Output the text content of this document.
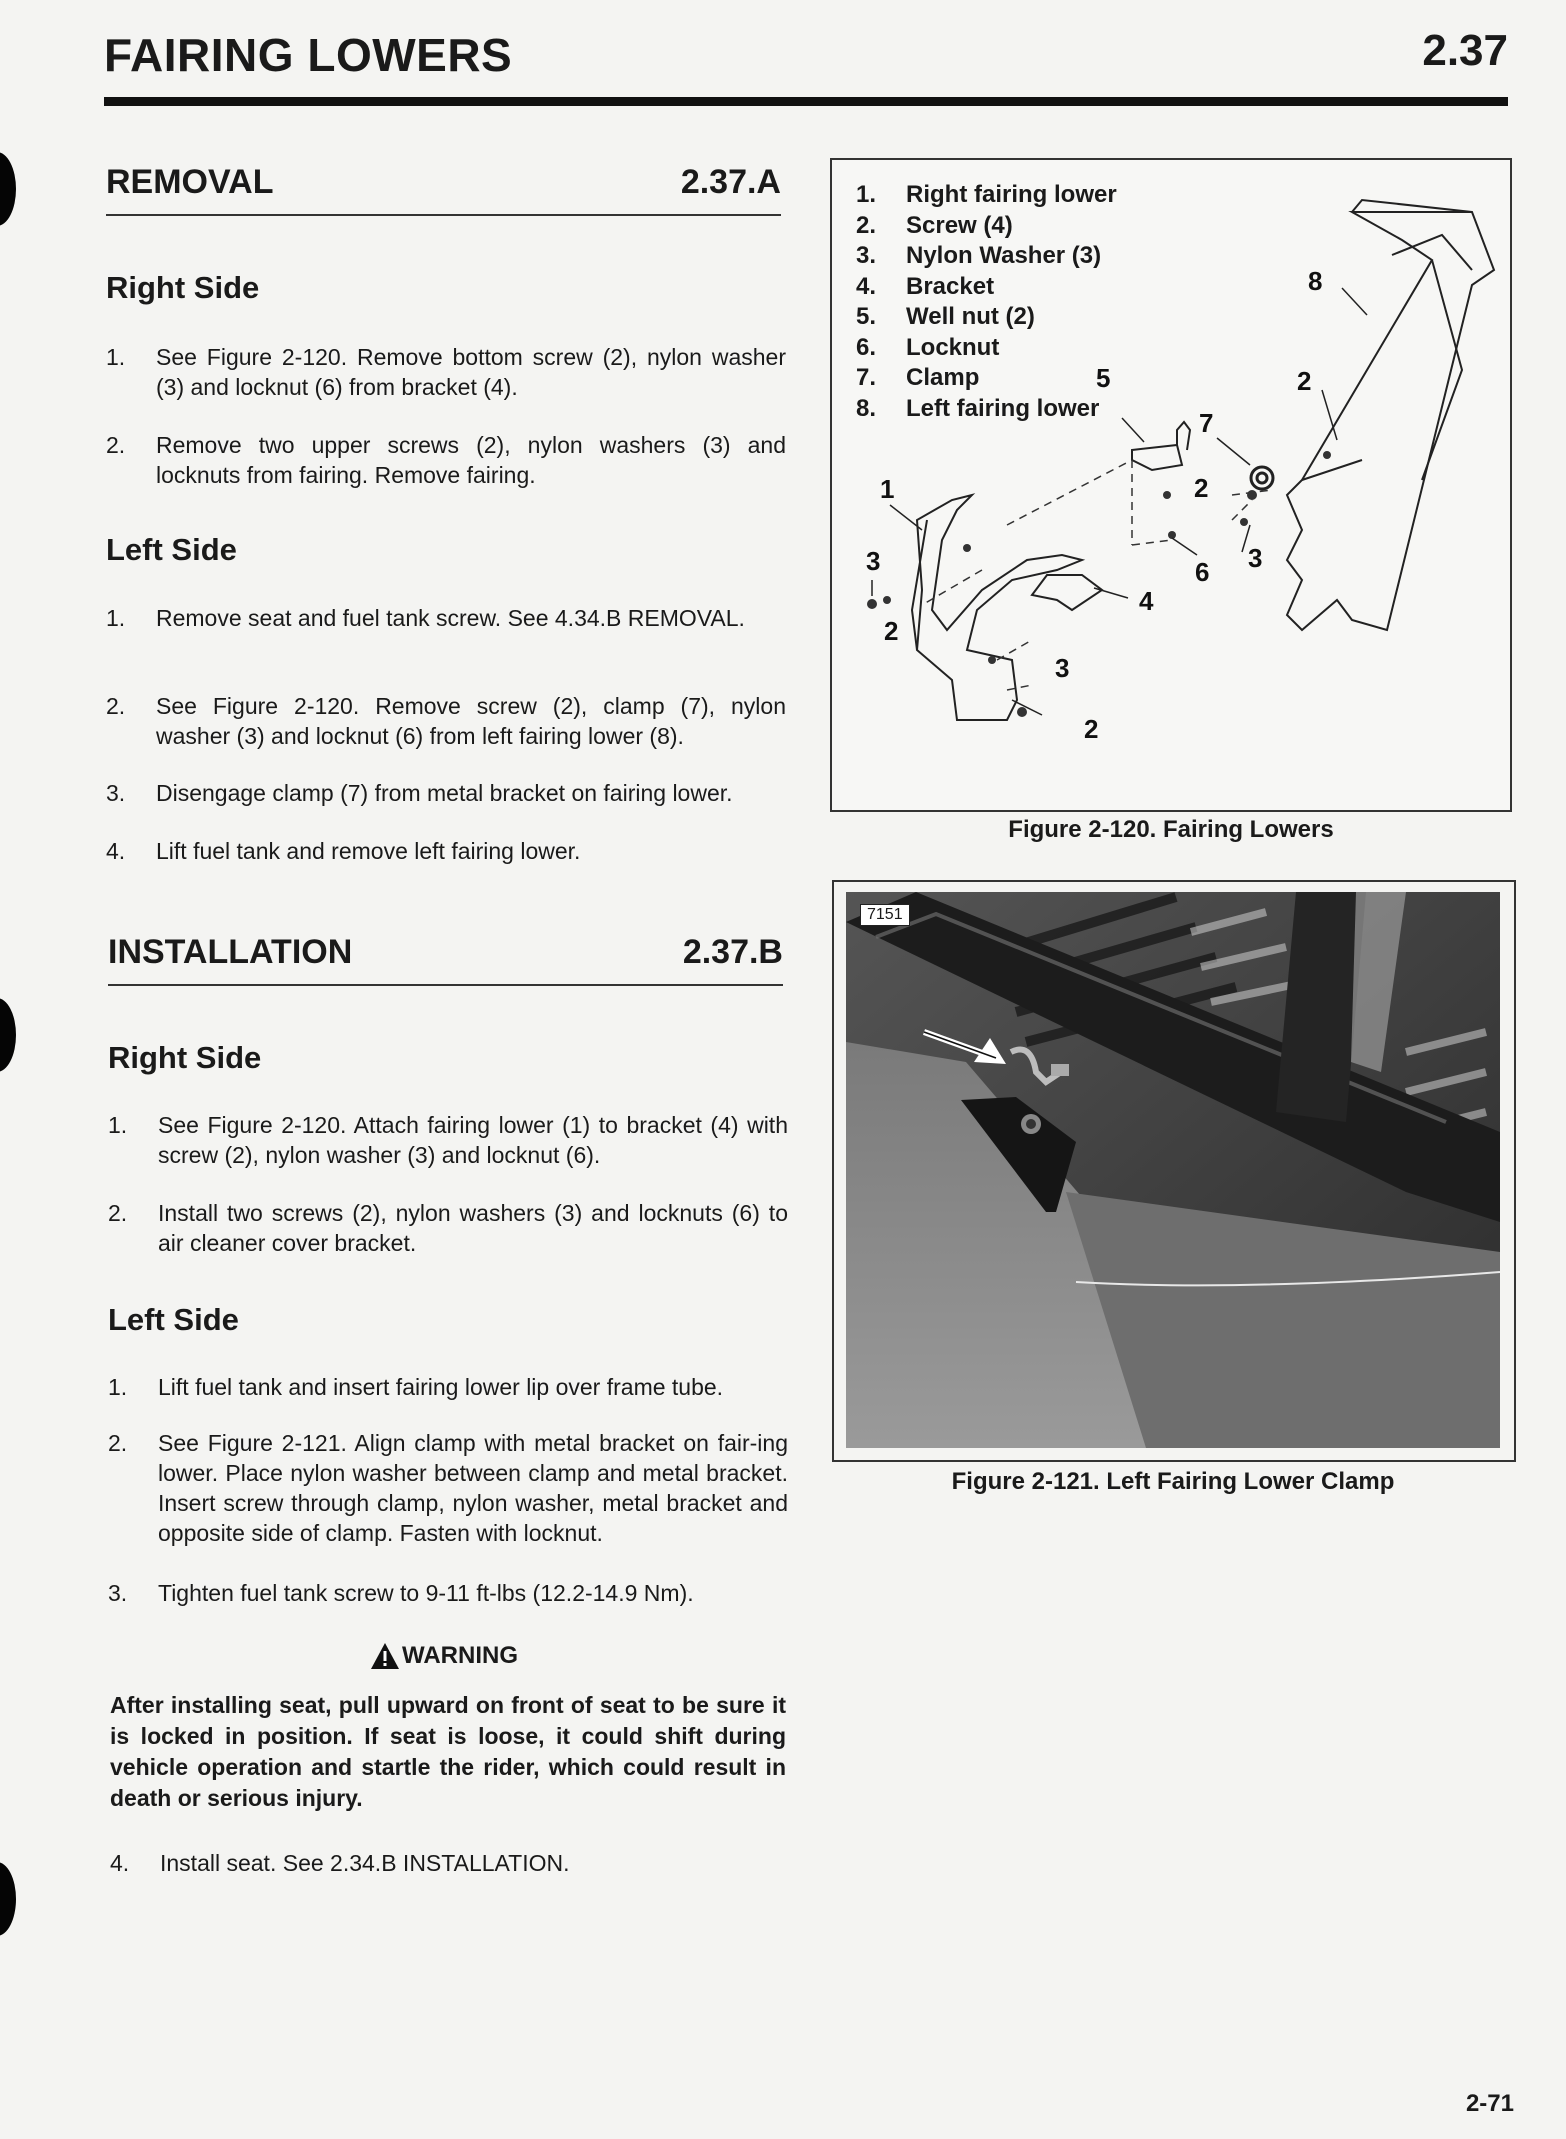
FAIRING LOWERS	2.37
REMOVAL	2.37.A
Right Side
1. See Figure 2-120. Remove bottom screw (2), nylon washer (3) and locknut (6) from bracket (4).
2. Remove two upper screws (2), nylon washers (3) and locknuts from fairing. Remove fairing.
Left Side
1. Remove seat and fuel tank screw. See 4.34.B REMOVAL.
2. See Figure 2-120. Remove screw (2), clamp (7), nylon washer (3) and locknut (6) from left fairing lower (8).
3. Disengage clamp (7) from metal bracket on fairing lower.
4. Lift fuel tank and remove left fairing lower.
INSTALLATION	2.37.B
Right Side
1. See Figure 2-120. Attach fairing lower (1) to bracket (4) with screw (2), nylon washer (3) and locknut (6).
2. Install two screws (2), nylon washers (3) and locknuts (6) to air cleaner cover bracket.
Left Side
1. Lift fuel tank and insert fairing lower lip over frame tube.
2. See Figure 2-121. Align clamp with metal bracket on fair-ing lower. Place nylon washer between clamp and metal bracket. Insert screw through clamp, nylon washer, metal bracket and opposite side of clamp. Fasten with locknut.
3. Tighten fuel tank screw to 9-11 ft-lbs (12.2-14.9 Nm).
WARNING
After installing seat, pull upward on front of seat to be sure it is locked in position. If seat is loose, it could shift during vehicle operation and startle the rider, which could result in death or serious injury.
4. Install seat. See 2.34.B INSTALLATION.
1	2
2
2
2
3	3
3
4
5
6
7
8
1.	Right fairing lower
2.	Screw (4)
3.	Nylon Washer (3)
4.	Bracket
5.	Well nut (2)
6.	Locknut
7.	Clamp
8.	Left fairing lower
Figure 2-120. Fairing Lowers
7151
Figure 2-121. Left Fairing Lower Clamp
2-71
